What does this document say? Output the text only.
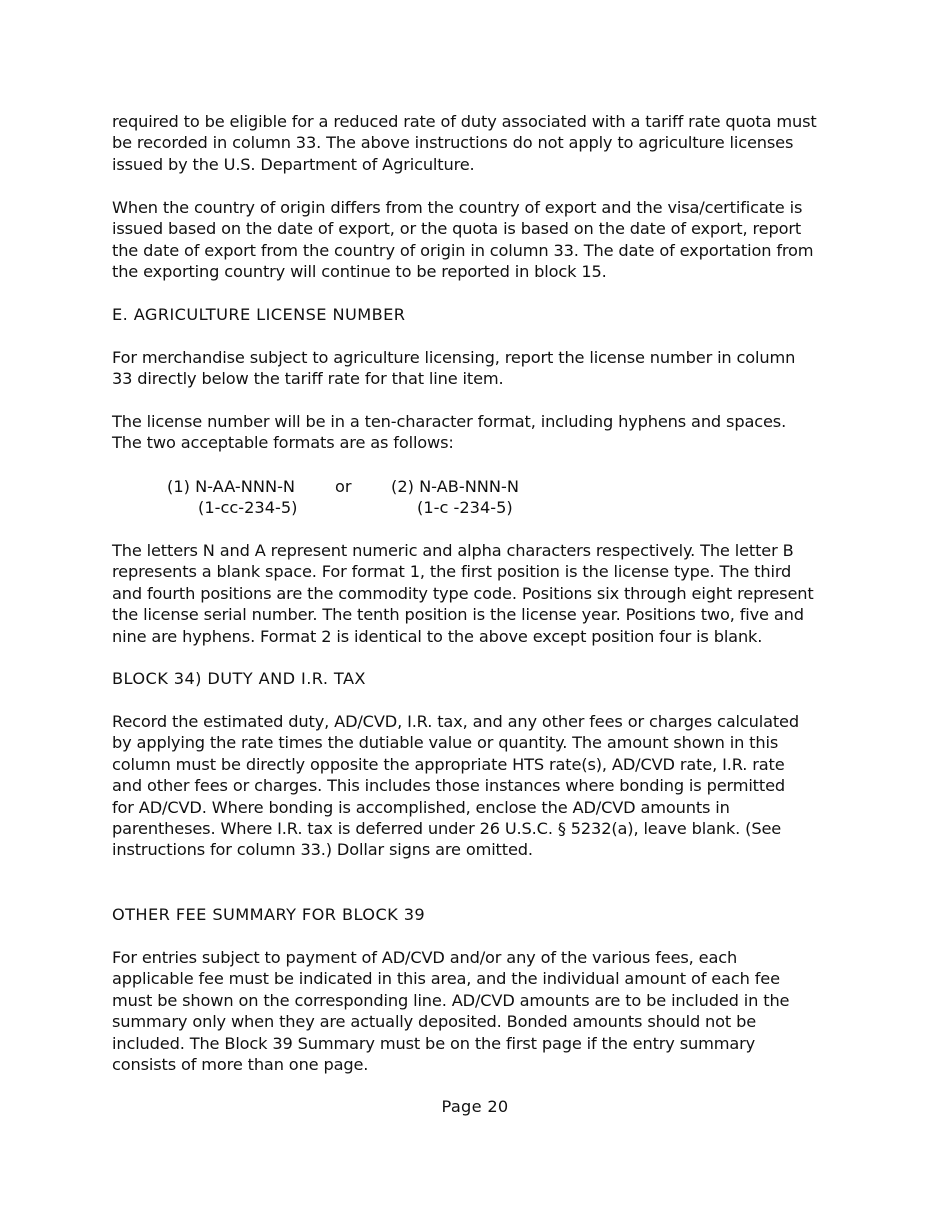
required to be eligible for a reduced rate of duty associated with a tariff rate quota must
be recorded in column 33. The above instructions do not apply to agriculture licenses
issued by the U.S. Department of Agriculture.

When the country of origin differs from the country of export and the visa/certificate is
issued based on the date of export, or the quota is based on the date of export, report
the date of export from the country of origin in column 33. The date of exportation from
the exporting country will continue to be reported in block 15.

E. AGRICULTURE LICENSE NUMBER

For merchandise subject to agriculture licensing, report the license number in column
33 directly below the tariff rate for that line item.

The license number will be in a ten-character format, including hyphens and spaces.
The two acceptable formats are as follows:

(1) N-AA-NNN-N or (2) N-AB-NNN-N
(1-cc-234-5)	(1-c -234-5)

The letters N and A represent numeric and alpha characters respectively. The letter B
represents a blank space. For format 1, the first position is the license type. The third
and fourth positions are the commodity type code. Positions six through eight represent
the license serial number. The tenth position is the license year. Positions two, five and
nine are hyphens. Format 2 is identical to the above except position four is blank.

BLOCK 34) DUTY AND I.R. TAX

Record the estimated duty, AD/CVD, I.R. tax, and any other fees or charges calculated
by applying the rate times the dutiable value or quantity. The amount shown in this
column must be directly opposite the appropriate HTS rate(s), AD/CVD rate, I.R. rate
and other fees or charges. This includes those instances where bonding is permitted
for AD/CVD. Where bonding is accomplished, enclose the AD/CVD amounts in
parentheses. Where I.R. tax is deferred under 26 U.S.C. § 5232(a), leave blank. (See
instructions for column 33.) Dollar signs are omitted.

OTHER FEE SUMMARY FOR BLOCK 39

For entries subject to payment of AD/CVD and/or any of the various fees, each
applicable fee must be indicated in this area, and the individual amount of each fee
must be shown on the corresponding line. AD/CVD amounts are to be included in the
summary only when they are actually deposited. Bonded amounts should not be
included. The Block 39 Summary must be on the first page if the entry summary
consists of more than one page.

Page 20
